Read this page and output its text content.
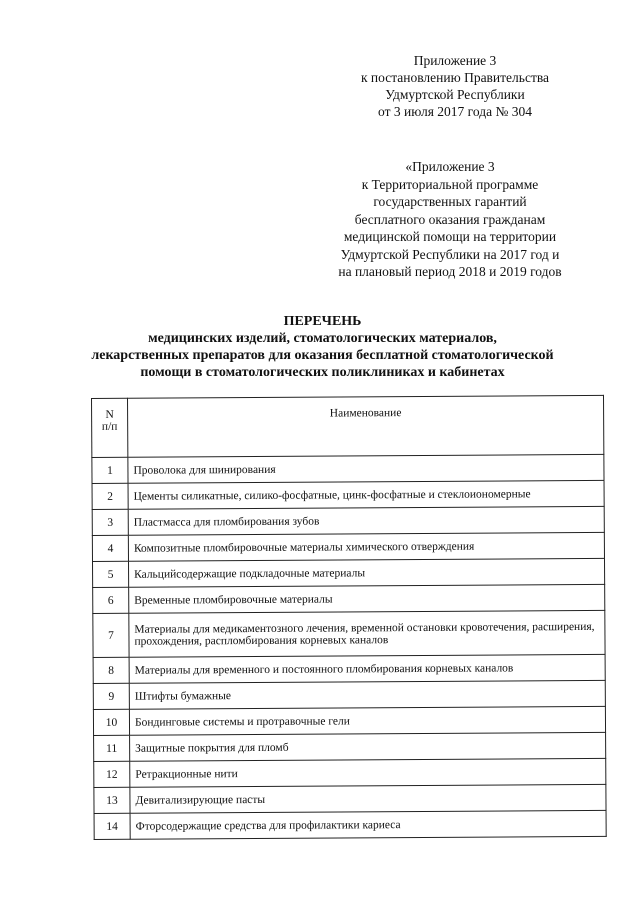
Приложение 3
к постановлению Правительства
Удмуртской Республики
от 3 июля 2017 года № 304
«Приложение 3
к Территориальной программе
государственных гарантий
бесплатного оказания гражданам
медицинской помощи на территории
Удмуртской Республики на 2017 год и
на плановый период 2018 и 2019 годов
ПЕРЕЧЕНЬ
медицинских изделий, стоматологических материалов,
лекарственных препаратов для оказания бесплатной стоматологической
помощи в стоматологических поликлиниках и кабинетах
N
п/п	Наименование
1	Проволока для шинирования
2	Цементы силикатные, силико-фосфатные, цинк-фосфатные и стеклоиономерные
3	Пластмасса для пломбирования зубов
4	Композитные пломбировочные материалы химического отверждения
5	Кальцийсодержащие подкладочные материалы
6	Временные пломбировочные материалы
7	Материалы для медикаментозного лечения, временной остановки кровотечения, расширения, прохождения, распломбирования корневых каналов
8	Материалы для временного и постоянного пломбирования корневых каналов
9	Штифты бумажные
10	Бондинговые системы и протравочные гели
11	Защитные покрытия для пломб
12	Ретракционные нити
13	Девитализирующие пасты
14	Фторсодержащие средства для профилактики кариеса
